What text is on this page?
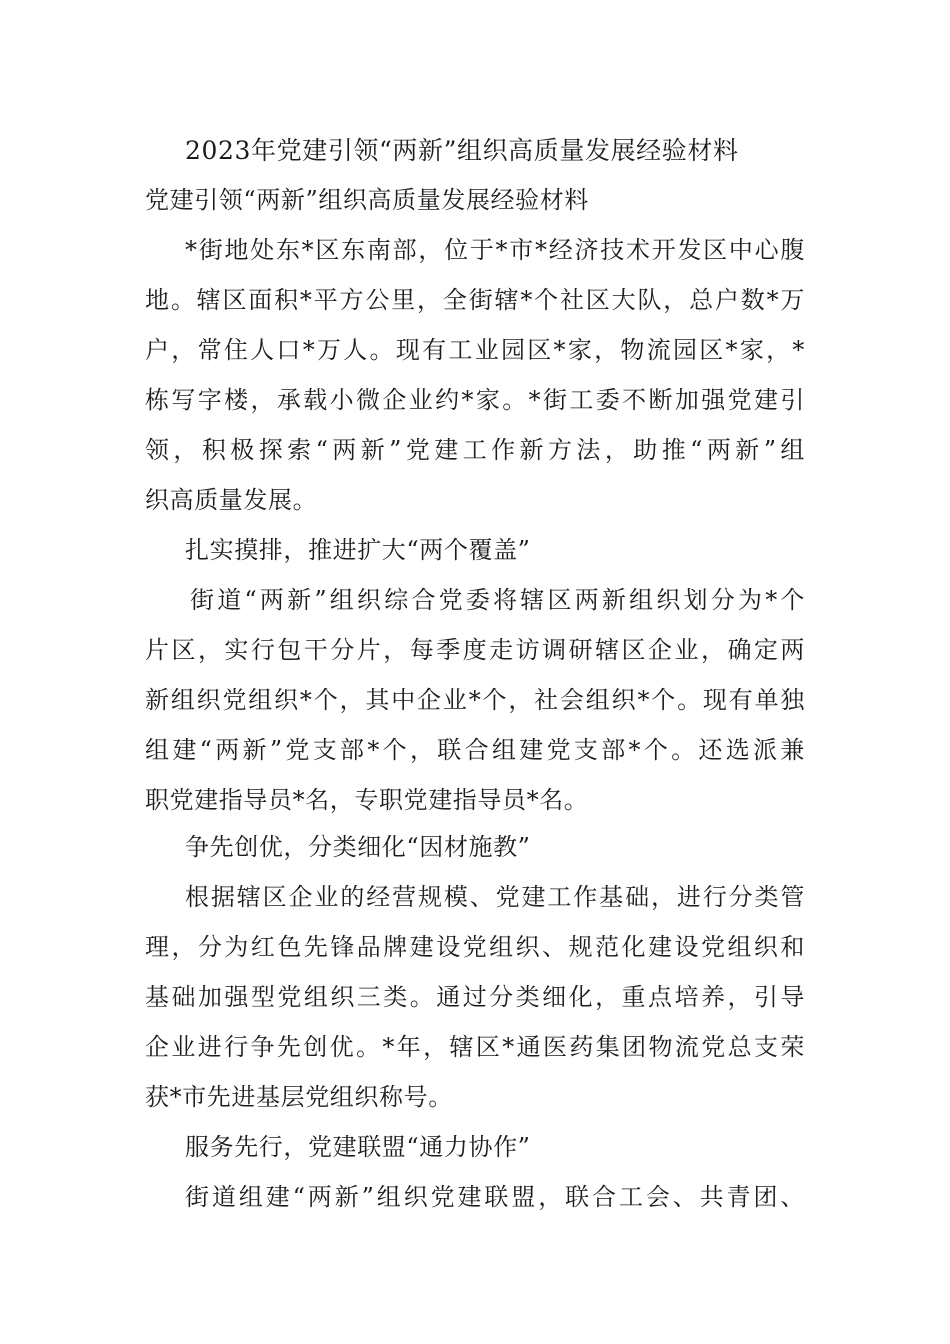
2023年党建引领“两新”组织高质量发展经验材料
党建引领“两新”组织高质量发展经验材料
*街地处东*区东南部，位于*市*经济技术开发区中心腹
地。辖区面积*平方公里，全街辖*个社区大队，总户数*万
户，常住人口*万人。现有工业园区*家，物流园区*家，*
栋写字楼，承载小微企业约*家。*街工委不断加强党建引
领，积极探索“两新”党建工作新方法，助推“两新”组
织高质量发展。
扎实摸排，推进扩大“两个覆盖”
街道“两新”组织综合党委将辖区两新组织划分为*个
片区，实行包干分片，每季度走访调研辖区企业，确定两
新组织党组织*个，其中企业*个，社会组织*个。现有单独
组建“两新”党支部*个，联合组建党支部*个。还选派兼
职党建指导员*名，专职党建指导员*名。
争先创优，分类细化“因材施教”
根据辖区企业的经营规模、党建工作基础，进行分类管
理，分为红色先锋品牌建设党组织、规范化建设党组织和
基础加强型党组织三类。通过分类细化，重点培养，引导
企业进行争先创优。*年，辖区*通医药集团物流党总支荣
获*市先进基层党组织称号。
服务先行，党建联盟“通力协作”
街道组建“两新”组织党建联盟，联合工会、共青团、
